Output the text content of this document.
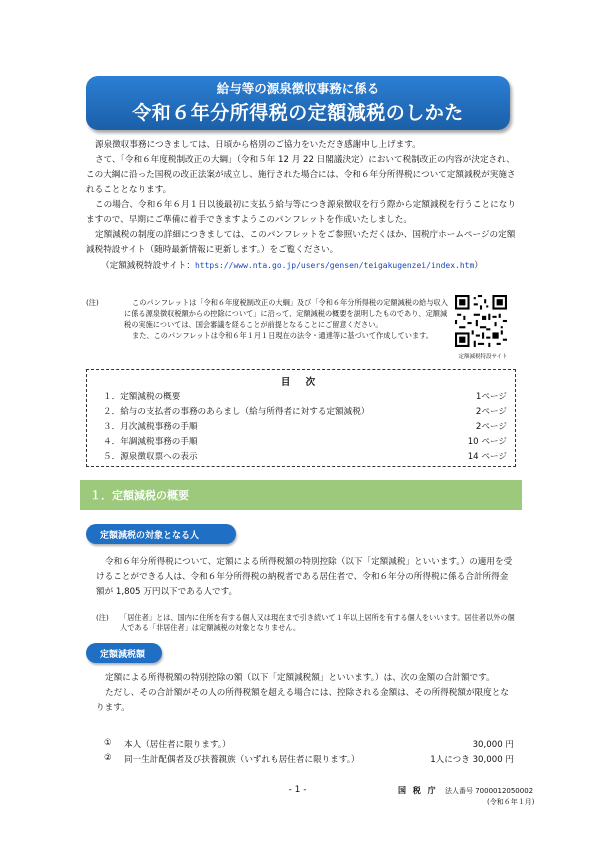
給与等の源泉徴収事務に係る
令和６年分所得税の定額減税のしかた

源泉徴収事務につきましては、日頃から格別のご協力をいただき感謝申し上げます。

さて、「令和６年度税制改正の大綱」（令和５年 12 月 22 日閣議決定）において税制改正の内容が決定され、この大綱に沿った国税の改正法案が成立し、施行された場合には、令和６年分所得税について定額減税が実施されることとなります。

この場合、令和６年６月１日以後最初に支払う給与等につき源泉徴収を行う際から定額減税を行うことになりますので、早期にご準備に着手できますようこのパンフレットを作成いたしました。

定額減税の制度の詳細につきましては、このパンフレットをご参照いただくほか、国税庁ホームページの定額減税特設サイト（随時最新情報に更新します。）をご覧ください。

（定額減税特設サイト：https://www.nta.go.jp/users/gensen/teigakugenzei/index.htm）

(注)	このパンフレットは「令和６年度税制改正の大綱」及び「令和６年分所得税の定額減税の給与収入に係る源泉徴収税額からの控除について」に沿って、定額減税の概要を説明したものであり、定額減税の実施については、国会審議を経ることが前提となることにご留意ください。
また、このパンフレットは令和６年１月１日現在の法令・通達等に基づいて作成しています。
定額減税特設サイト
目 次
１．定額減税の概要	1ページ
２．給与の支払者の事務のあらまし（給与所得者に対する定額減税）	2ページ
３．月次減税事務の手順	2ページ
４．年調減税事務の手順	10 ページ
５．源泉徴収票への表示	14 ページ
１．定額減税の概要
定額減税の対象となる人

令和６年分所得税について、定額による所得税額の特別控除（以下「定額減税」といいます。）の適用を受けることができる人は、令和６年分所得税の納税者である居住者で、令和６年分の所得税に係る合計所得金額が 1,805 万円以下である人です。

(注) 「居住者」とは、国内に住所を有する個人又は現在まで引き続いて１年以上居所を有する個人をいいます。居住者以外の個人である「非居住者」は定額減税の対象となりません。
定額減税額

定額による所得税額の特別控除の額（以下「定額減税額」といいます。）は、次の金額の合計額です。

ただし、その合計額がその人の所得税額を超える場合には、控除される金額は、その所得税額が限度となります。

① 本人（居住者に限ります。）	30,000 円
② 同一生計配偶者及び扶養親族（いずれも居住者に限ります。）	1人につき 30,000 円
- 1 -	国 税 庁 法人番号 7000012050002
(令和６年１月)
